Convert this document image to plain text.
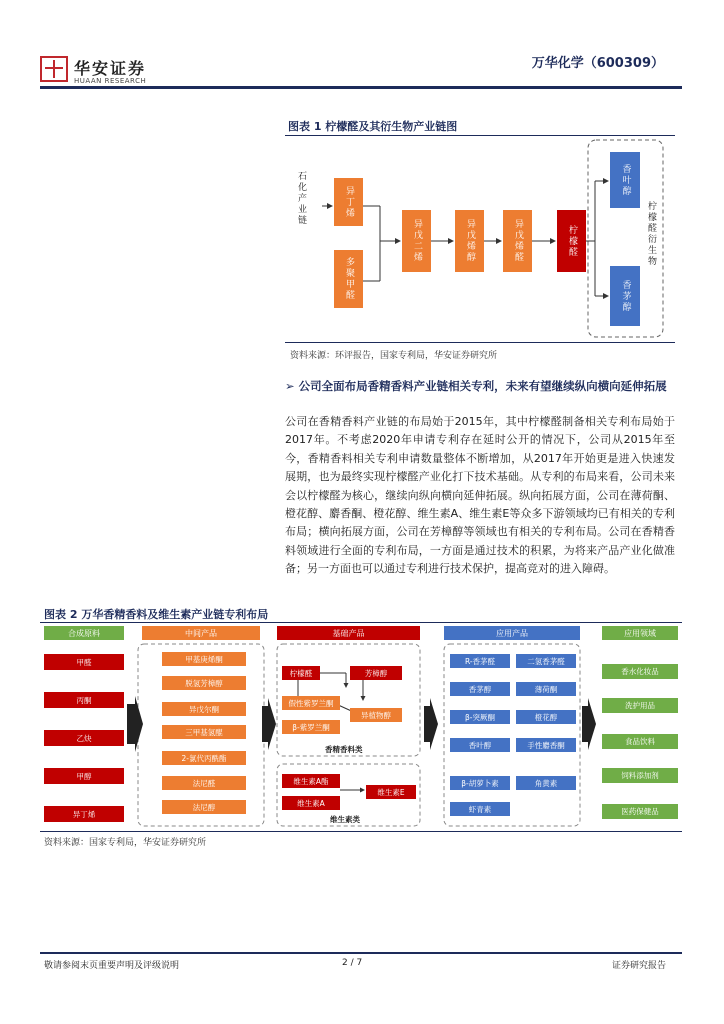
华安证券
HUAAN RESEARCH
万华化学（600309）
图表 1 柠檬醛及其衍生物产业链图
石化产业链	异丁烯
多聚甲醛
异戊二烯	异戊烯醇	异戊烯醛	柠檬醛
香叶醇
香茅醇
柠檬醛衍生物
资料来源：环评报告，国家专利局，华安证券研究所
➢ 公司全面布局香精香料产业链相关专利，未来有望继续纵向横向延伸拓展
公司在香精香料产业链的布局始于2015年，其中柠檬醛制备相关专利布局始于2017年。不考虑2020年申请专利存在延时公开的情况下，公司从2015年至今，香精香料相关专利申请数量整体不断增加，从2017年开始更是进入快速发展期，也为最终实现柠檬醛产业化打下技术基础。从专利的布局来看，公司未来会以柠檬醛为核心，继续向纵向横向延伸拓展。纵向拓展方面，公司在薄荷酮、橙花醇、麝香酮、橙花醇、维生素A、维生素E等众多下游领域均已有相关的专利布局；横向拓展方面，公司在芳樟醇等领域也有相关的专利布局。公司在香精香料领域进行全面的专利布局，一方面是通过技术的积累，为将来产品产业化做准备；另一方面也可以通过专利进行技术保护，提高竞对的进入障碍。
图表 2 万华香精香料及维生素产业链专利布局
合成原料	中间产品	基础产品	应用产品	应用领域
甲醛
丙酮
乙炔
甲醇
异丁烯
甲基庚烯酮
脱氢芳樟醇
异戊尔酮
三甲基氢醌
2-氯代丙酰酯
法尼醛
法尼醇
柠檬醛	芳樟醇
假性紫罗兰酮
β-紫罗兰酮
异植物醇
香精香料类
维生素A酯
维生素A
维生素E
维生素类
R-香茅醛	二氢香茅醛
香茅醇	薄荷酮
β-突厥酮	橙花醇
香叶醇	手性麝香酮
β-胡萝卜素	角黄素
虾青素
香水化妆品
洗护用品
食品饮料
饲料添加剂
医药保健品
资料来源：国家专利局，华安证券研究所
敬请参阅末页重要声明及评级说明	2 / 7	证券研究报告
